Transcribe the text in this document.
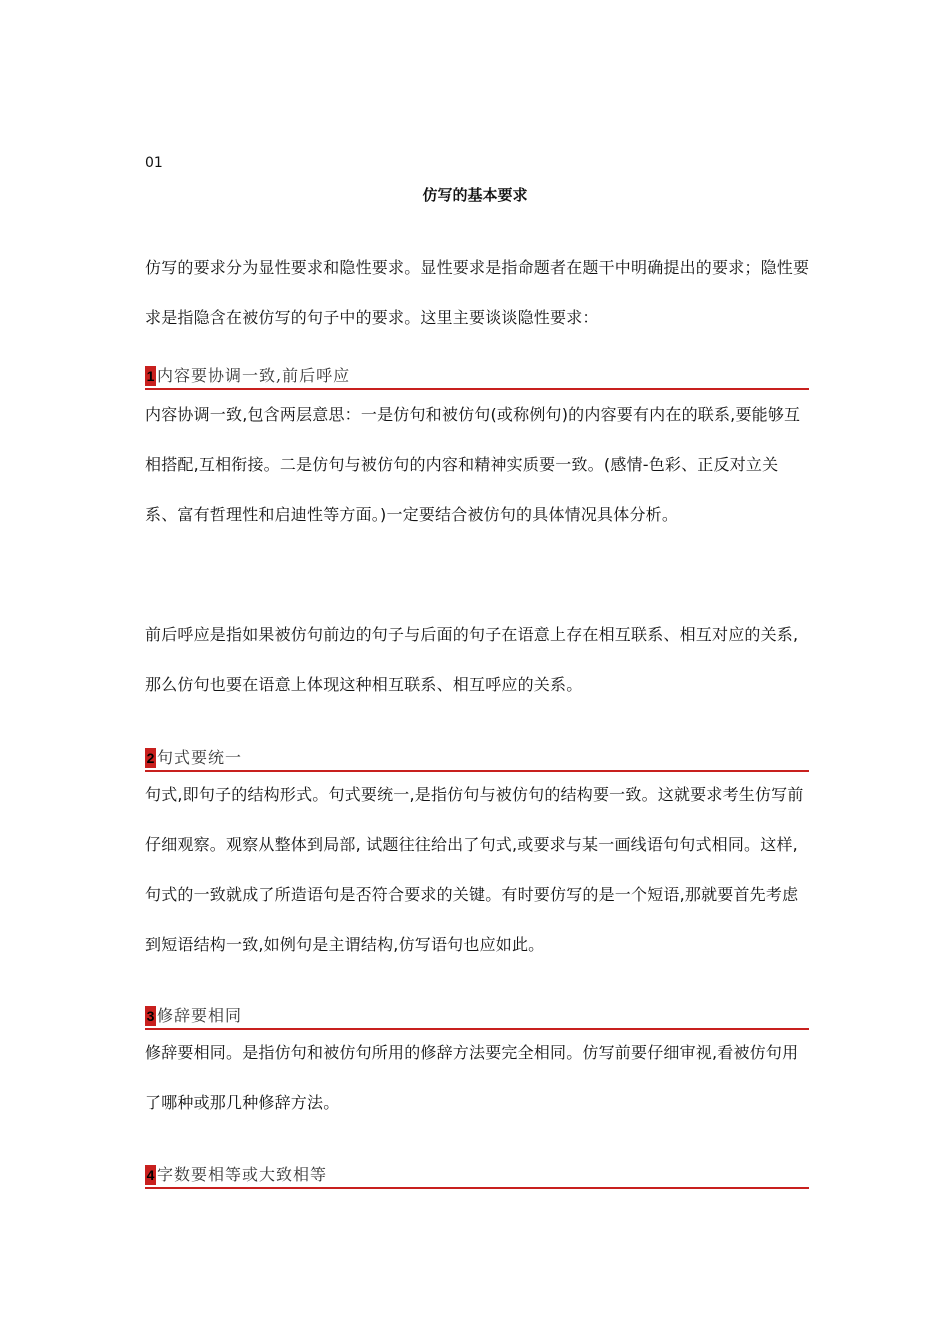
01
仿写的基本要求

仿写的要求分为显性要求和隐性要求。显性要求是指命题者在题干中明确提出的要求；隐性要求是指隐含在被仿写的句子中的要求。这里主要谈谈隐性要求：

1 内容要协调一致,前后呼应

内容协调一致,包含两层意思：一是仿句和被仿句(或称例句)的内容要有内在的联系,要能够互相搭配,互相衔接。二是仿句与被仿句的内容和精神实质要一致。(感情-色彩、正反对立关系、富有哲理性和启迪性等方面。)一定要结合被仿句的具体情况具体分析。

前后呼应是指如果被仿句前边的句子与后面的句子在语意上存在相互联系、相互对应的关系,那么仿句也要在语意上体现这种相互联系、相互呼应的关系。

2 句式要统一

句式,即句子的结构形式。句式要统一,是指仿句与被仿句的结构要一致。这就要求考生仿写前仔细观察。观察从整体到局部, 试题往往给出了句式,或要求与某一画线语句句式相同。这样,句式的一致就成了所造语句是否符合要求的关键。有时要仿写的是一个短语,那就要首先考虑到短语结构一致,如例句是主谓结构,仿写语句也应如此。

3 修辞要相同

修辞要相同。是指仿句和被仿句所用的修辞方法要完全相同。仿写前要仔细审视,看被仿句用了哪种或那几种修辞方法。

4 字数要相等或大致相等
